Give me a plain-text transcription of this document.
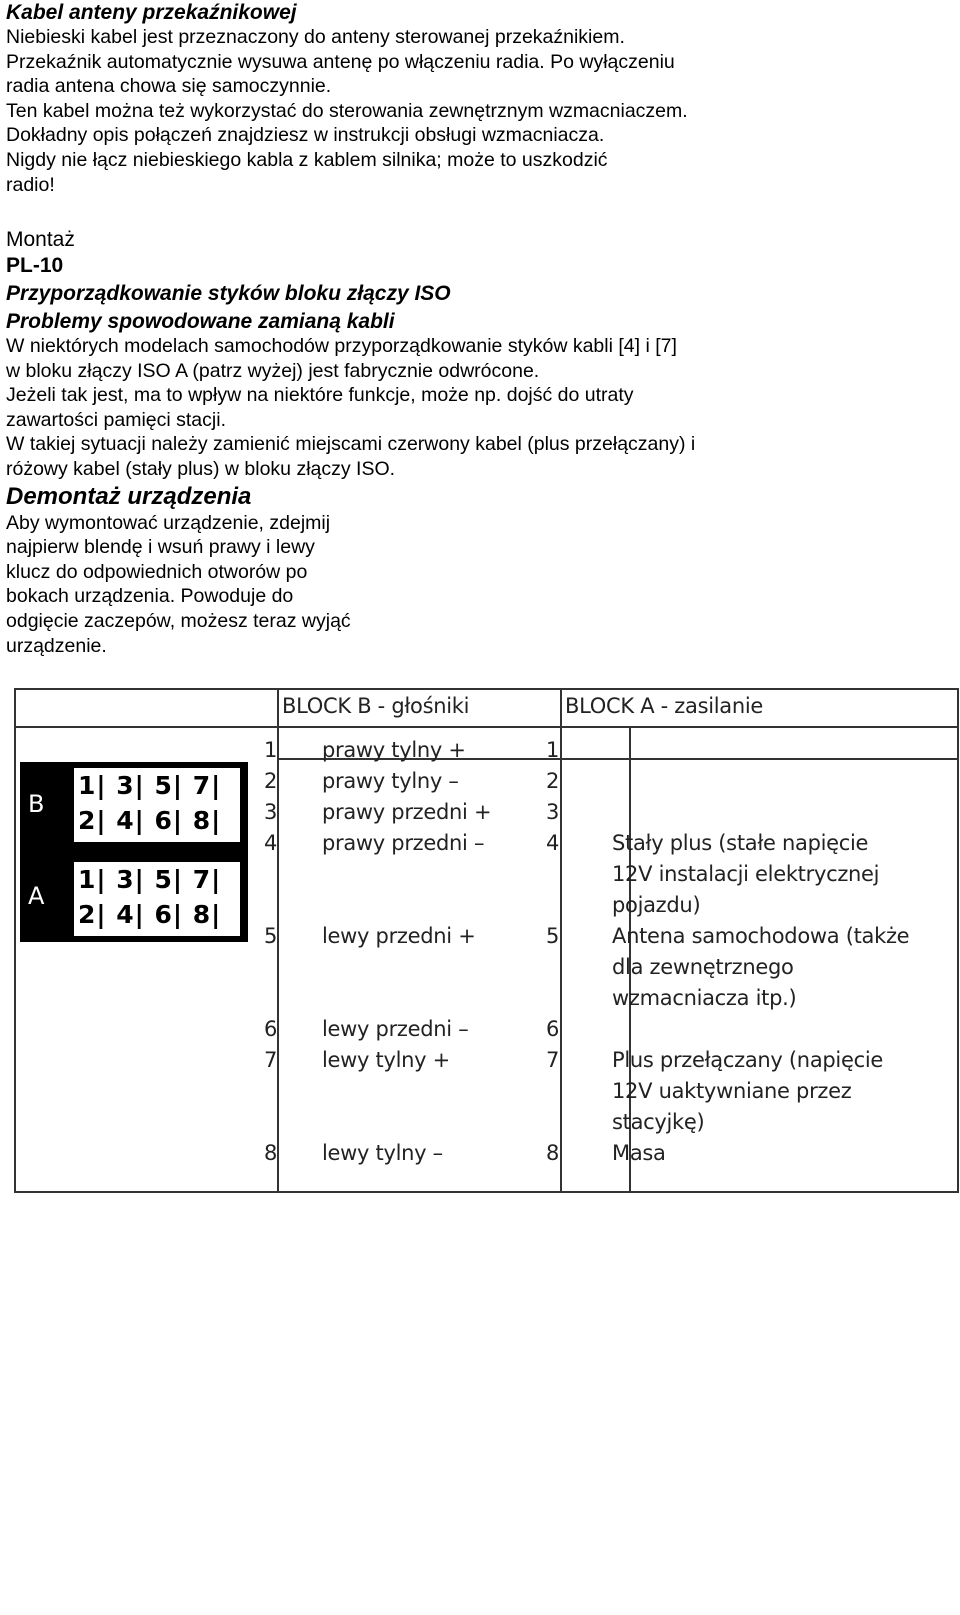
Kabel anteny przekaźnikowej
Niebieski kabel jest przeznaczony do anteny sterowanej przekaźnikiem.
Przekaźnik automatycznie wysuwa antenę po włączeniu radia. Po wyłączeniu
radia antena chowa się samoczynnie.
Ten kabel można też wykorzystać do sterowania zewnętrznym wzmacniaczem.
Dokładny opis połączeń znajdziesz w instrukcji obsługi wzmacniacza.
Nigdy nie łącz niebieskiego kabla z kablem silnika; może to uszkodzić
radio!
Montaż
PL-10
Przyporządkowanie styków bloku złączy ISO
Problemy spowodowane zamianą kabli
W niektórych modelach samochodów przyporządkowanie styków kabli [4] i [7]
w bloku złączy ISO A (patrz wyżej) jest fabrycznie odwrócone.
Jeżeli tak jest, ma to wpływ na niektóre funkcje, może np. dojść do utraty
zawartości pamięci stacji.
W takiej sytuacji należy zamienić miejscami czerwony kabel (plus przełączany) i
różowy kabel (stały plus) w bloku złączy ISO.
Demontaż urządzenia
Aby wymontować urządzenie, zdejmij
najpierw blendę i wsuń prawy i lewy
klucz do odpowiednich otworów po
bokach urządzenia. Powoduje do
odgięcie zaczepów, możesz teraz wyjąć
urządzenie.
BLOCK B - głośniki	BLOCK A - zasilanie
B
A
1| 3| 5| 7|
2| 4| 6| 8|
1| 3| 5| 7|
2| 4| 6| 8|
1 prawy tylny +	1
2 prawy tylny –	2
3 prawy przedni +	3
4 prawy przedni –	4	Stały plus (stałe napięcie
12V instalacji elektrycznej
pojazdu)
5 lewy przedni +	5	Antena samochodowa (także
dla zewnętrznego
wzmacniacza itp.)
6 lewy przedni –	6
7 lewy tylny +	7	Plus przełączany (napięcie
12V uaktywniane przez
stacyjkę)
8 lewy tylny –	8	Masa
